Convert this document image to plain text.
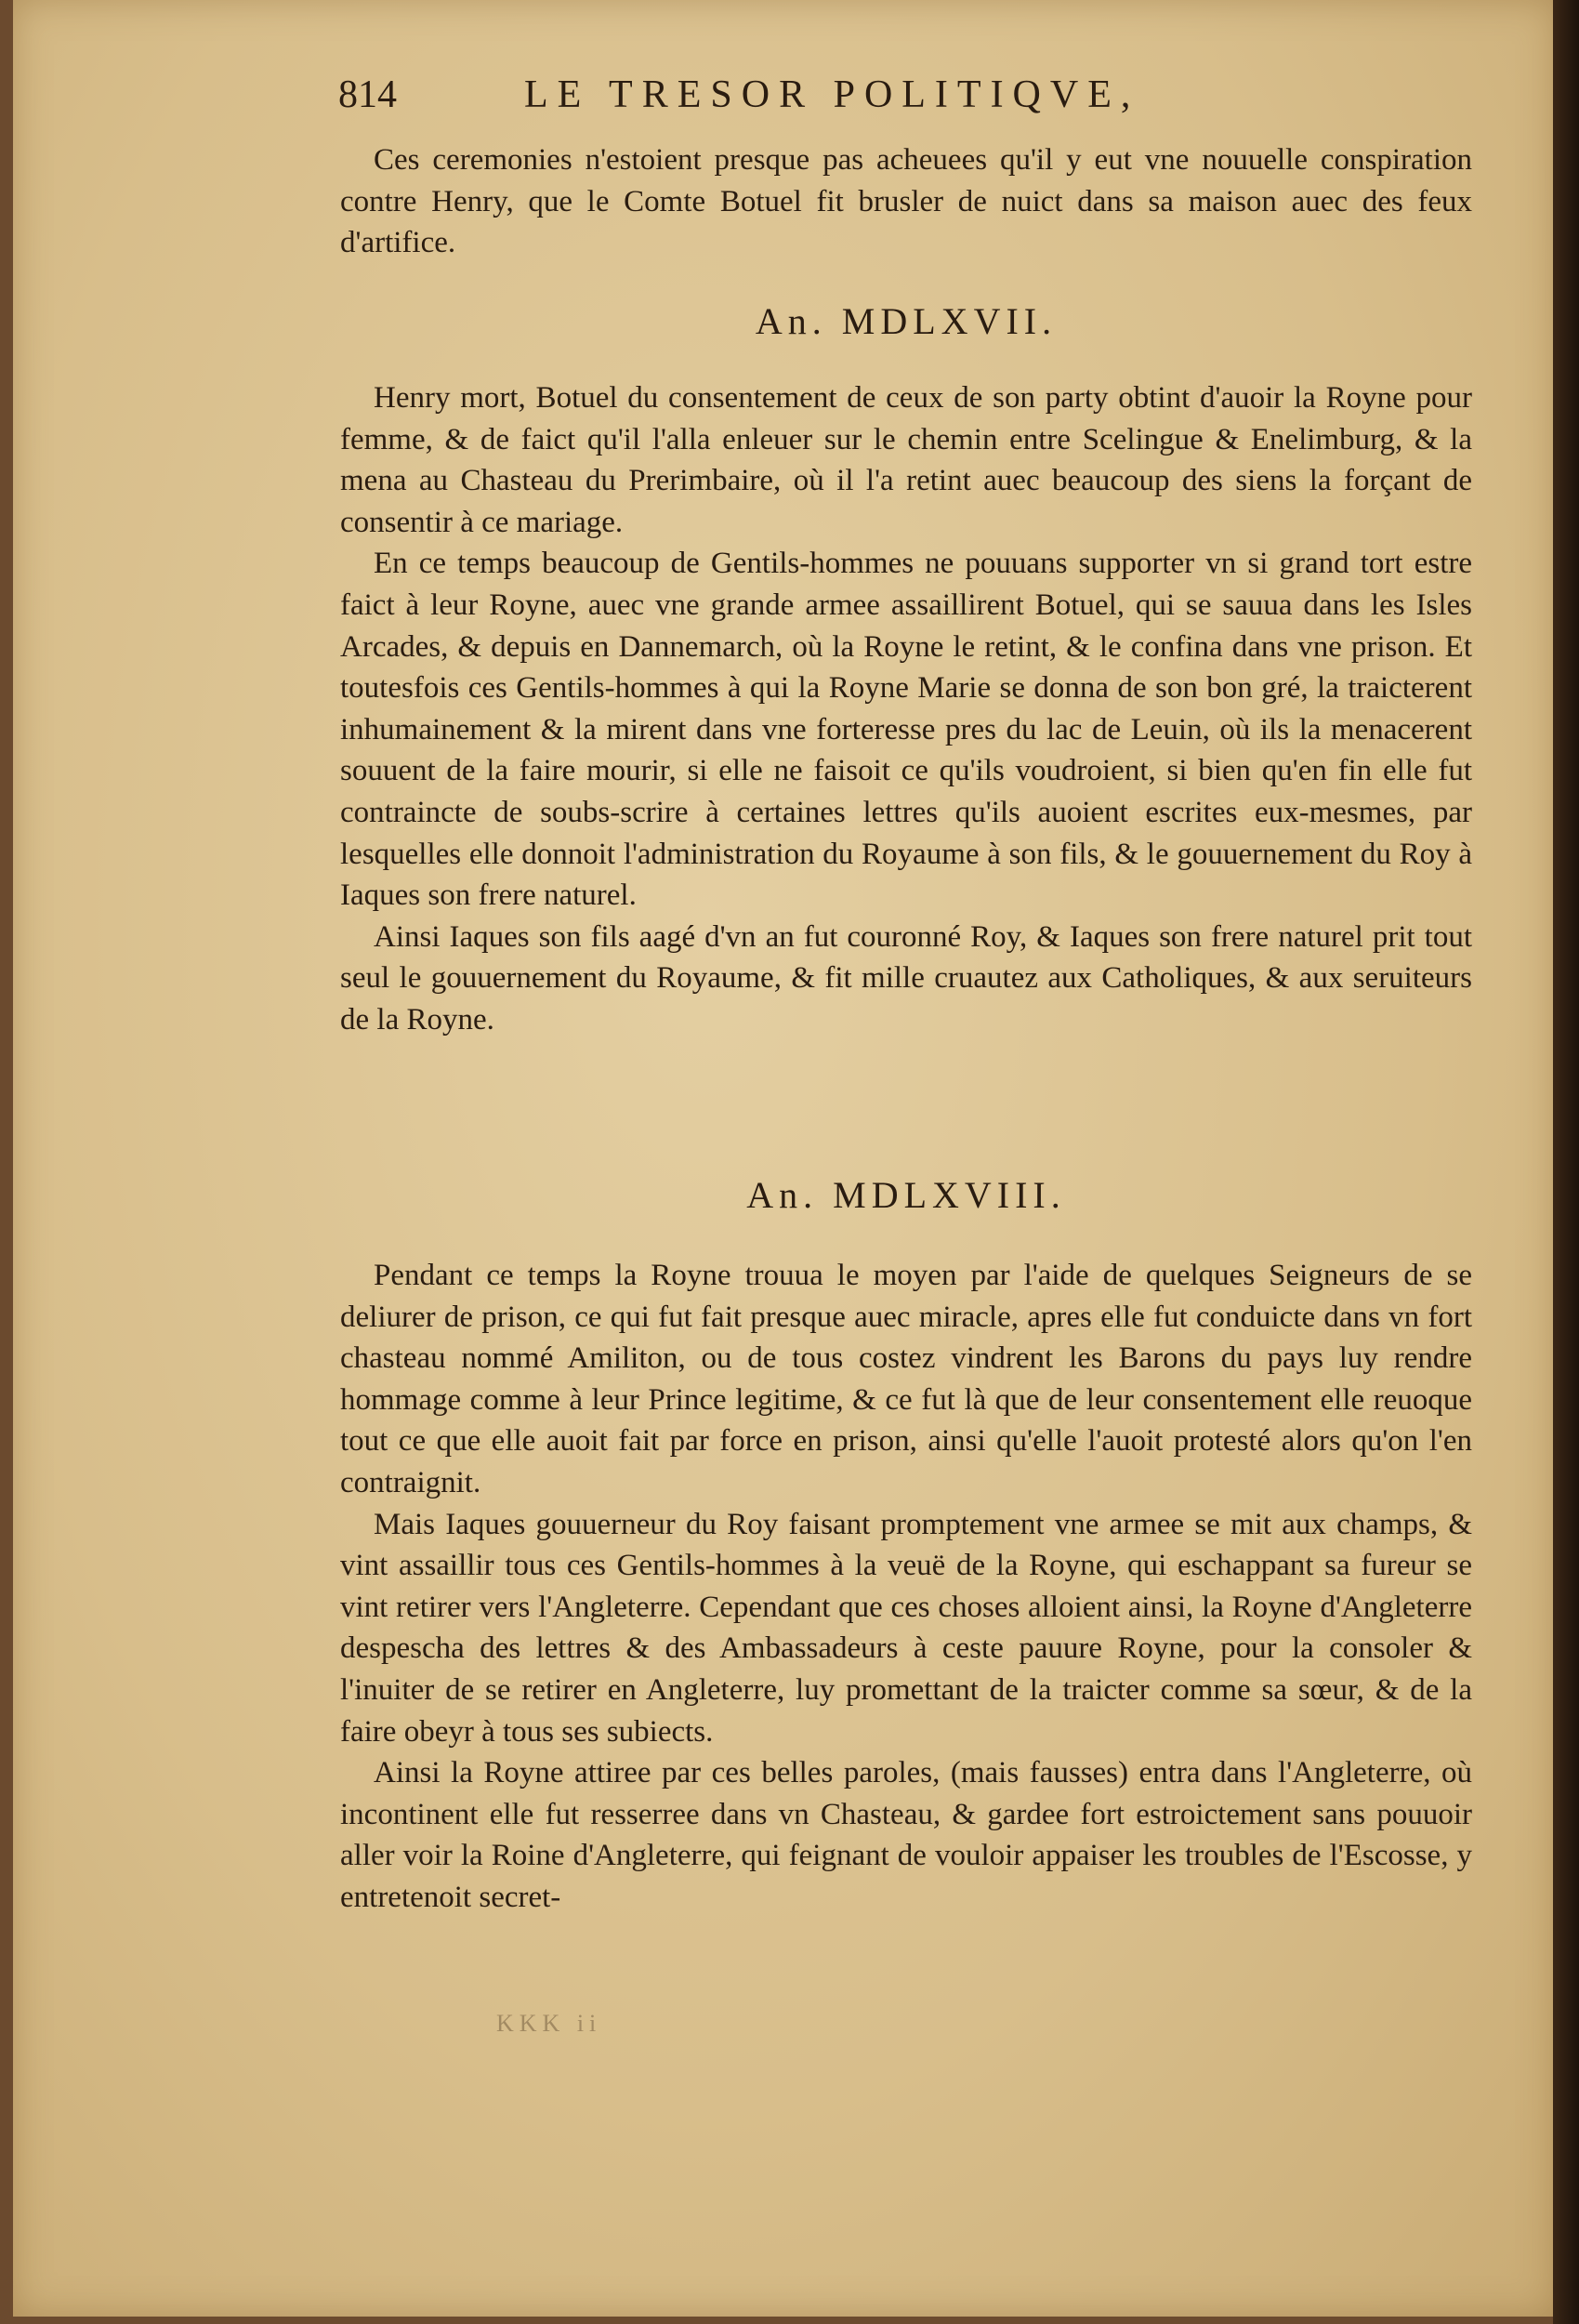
814	LE TRESOR POLITIQVE,

Ces ceremonies n'estoient presque pas acheuees qu'il y eut vne nouuelle conspiration contre Henry, que le Comte Botuel fit brusler de nuict dans sa maison auec des feux d'artifice.

An. MDLXVII.

Henry mort, Botuel du consentement de ceux de son party obtint d'auoir la Royne pour femme, & de faict qu'il l'alla enleuer sur le chemin entre Scelingue & Enelimburg, & la mena au Chasteau du Prerimbaire, où il l'a retint auec beaucoup des siens la forçant de consentir à ce mariage.

En ce temps beaucoup de Gentils-hommes ne pouuans supporter vn si grand tort estre faict à leur Royne, auec vne grande armee assaillirent Botuel, qui se sauua dans les Isles Arcades, & depuis en Dannemarch, où la Royne le retint, & le confina dans vne prison. Et toutesfois ces Gentils-hommes à qui la Royne Marie se donna de son bon gré, la traicterent inhumainement & la mirent dans vne forteresse pres du lac de Leuin, où ils la menacerent souuent de la faire mourir, si elle ne faisoit ce qu'ils voudroient, si bien qu'en fin elle fut contraincte de soubs-scrire à certaines lettres qu'ils auoient escrites eux-mesmes, par lesquelles elle donnoit l'administration du Royaume à son fils, & le gouuernement du Roy à Iaques son frere naturel.

Ainsi Iaques son fils aagé d'vn an fut couronné Roy, & Iaques son frere naturel prit tout seul le gouuernement du Royaume, & fit mille cruautez aux Catholiques, & aux seruiteurs de la Royne.

An. MDLXVIII.

Pendant ce temps la Royne trouua le moyen par l'aide de quelques Seigneurs de se deliurer de prison, ce qui fut fait presque auec miracle, apres elle fut conduicte dans vn fort chasteau nommé Amiliton, ou de tous costez vindrent les Barons du pays luy rendre hommage comme à leur Prince legitime, & ce fut là que de leur consentement elle reuoque tout ce que elle auoit fait par force en prison, ainsi qu'elle l'auoit protesté alors qu'on l'en contraignit.

Mais Iaques gouuerneur du Roy faisant promptement vne armee se mit aux champs, & vint assaillir tous ces Gentils-hommes à la veuë de la Royne, qui eschappant sa fureur se vint retirer vers l'Angleterre. Cependant que ces choses alloient ainsi, la Royne d'Angleterre despescha des lettres & des Ambassadeurs à ceste pauure Royne, pour la consoler & l'inuiter de se retirer en Angleterre, luy promettant de la traicter comme sa sœur, & de la faire obeyr à tous ses subiects.

Ainsi la Royne attiree par ces belles paroles, (mais fausses) entra dans l'Angleterre, où incontinent elle fut resserree dans vn Chasteau, & gardee fort estroictement sans pouuoir aller voir la Roine d'Angleterre, qui feignant de vouloir appaiser les troubles de l'Escosse, y entretenoit secret-

KKK ii
